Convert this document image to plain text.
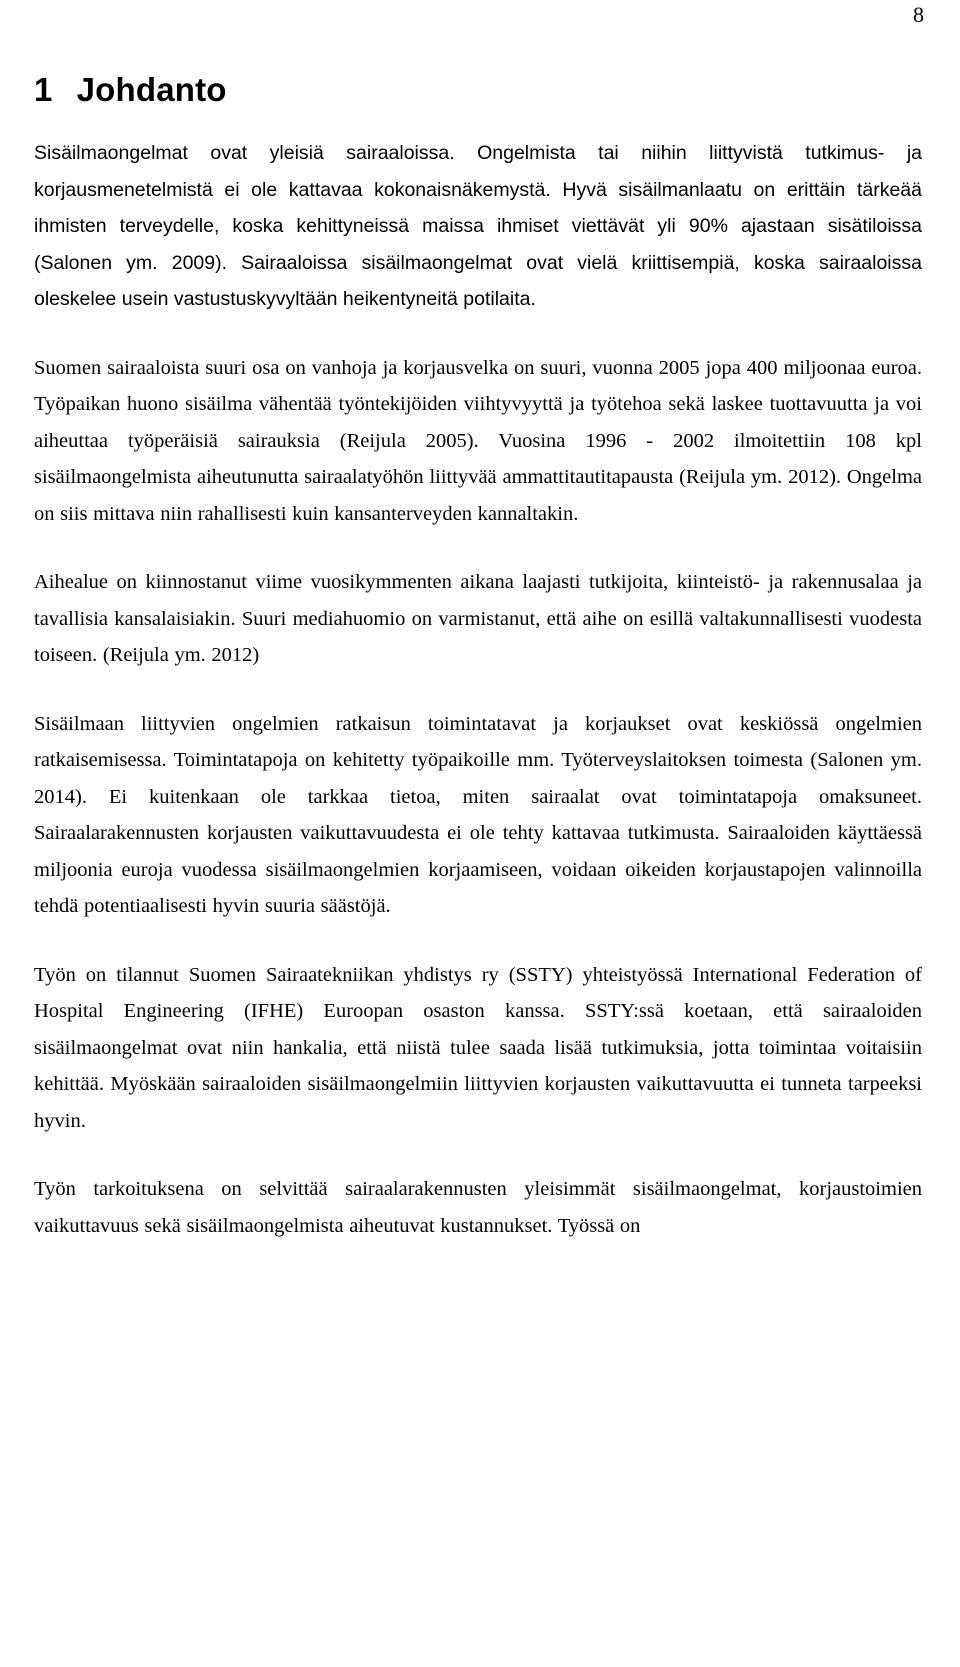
8
1 Johdanto

Sisäilmaongelmat ovat yleisiä sairaaloissa. Ongelmista tai niihin liittyvistä tutkimus- ja korjausmenetelmistä ei ole kattavaa kokonaisnäkemystä. Hyvä sisäilmanlaatu on erittäin tärkeää ihmisten terveydelle, koska kehittyneissä maissa ihmiset viettävät yli 90% ajastaan sisätiloissa (Salonen ym. 2009). Sairaaloissa sisäilmaongelmat ovat vielä kriittisempiä, koska sairaaloissa oleskelee usein vastustuskyvyltään heikentyneitä potilaita.

Suomen sairaaloista suuri osa on vanhoja ja korjausvelka on suuri, vuonna 2005 jopa 400 miljoonaa euroa. Työpaikan huono sisäilma vähentää työntekijöiden viihtyvyyttä ja työtehoa sekä laskee tuottavuutta ja voi aiheuttaa työperäisiä sairauksia (Reijula 2005). Vuosina 1996 - 2002 ilmoitettiin 108 kpl sisäilmaongelmista aiheutunutta sairaalatyöhön liittyvää ammattitautitapausta (Reijula ym. 2012). Ongelma on siis mittava niin rahallisesti kuin kansanterveyden kannaltakin.

Aihealue on kiinnostanut viime vuosikymmenten aikana laajasti tutkijoita, kiinteistö- ja rakennusalaa ja tavallisia kansalaisiakin. Suuri mediahuomio on varmistanut, että aihe on esillä valtakunnallisesti vuodesta toiseen. (Reijula ym. 2012)

Sisäilmaan liittyvien ongelmien ratkaisun toimintatavat ja korjaukset ovat keskiössä ongelmien ratkaisemisessa. Toimintatapoja on kehitetty työpaikoille mm. Työterveyslaitoksen toimesta (Salonen ym. 2014). Ei kuitenkaan ole tarkkaa tietoa, miten sairaalat ovat toimintatapoja omaksuneet. Sairaalarakennusten korjausten vaikuttavuudesta ei ole tehty kattavaa tutkimusta. Sairaaloiden käyttäessä miljoonia euroja vuodessa sisäilmaongelmien korjaamiseen, voidaan oikeiden korjaustapojen valinnoilla tehdä potentiaalisesti hyvin suuria säästöjä.

Työn on tilannut Suomen Sairaatekniikan yhdistys ry (SSTY) yhteistyössä International Federation of Hospital Engineering (IFHE) Euroopan osaston kanssa. SSTY:ssä koetaan, että sairaaloiden sisäilmaongelmat ovat niin hankalia, että niistä tulee saada lisää tutkimuksia, jotta toimintaa voitaisiin kehittää. Myöskään sairaaloiden sisäilmaongelmiin liittyvien korjausten vaikuttavuutta ei tunneta tarpeeksi hyvin.

Työn tarkoituksena on selvittää sairaalarakennusten yleisimmät sisäilmaongelmat, korjaustoimien vaikuttavuus sekä sisäilmaongelmista aiheutuvat kustannukset. Työssä on
